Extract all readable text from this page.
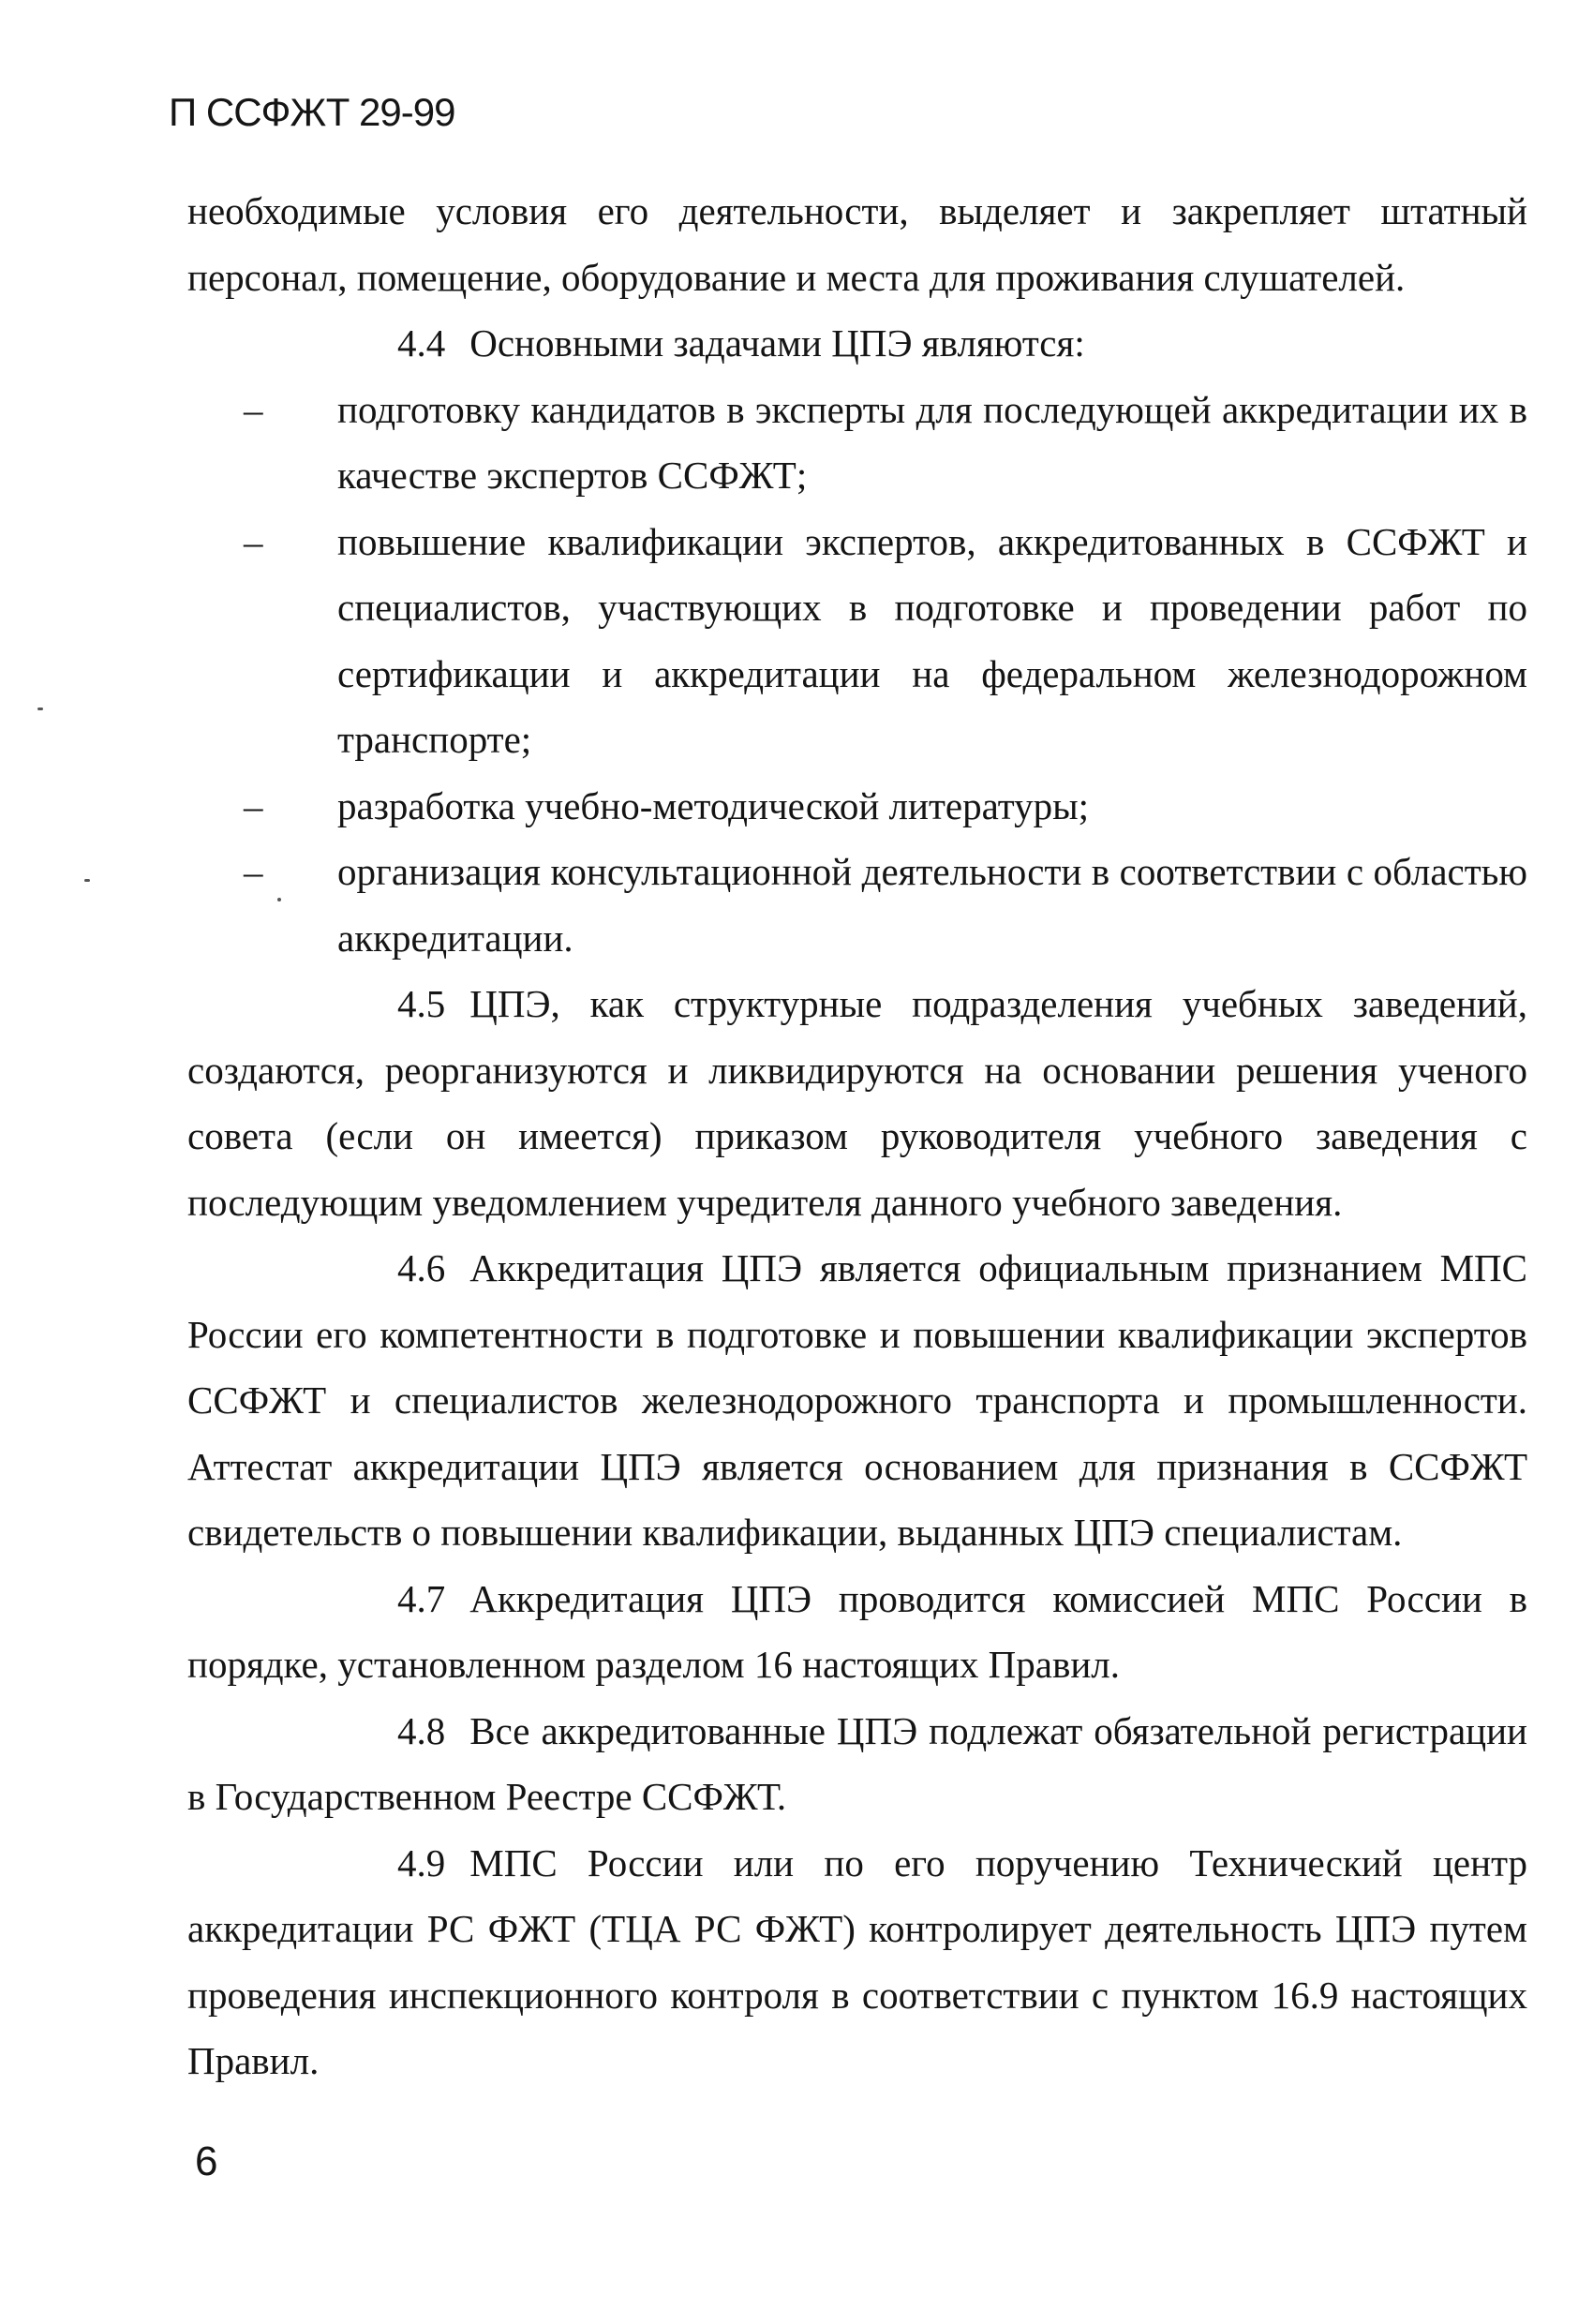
П ССФЖТ 29-99

необходимые условия его деятельности, выделяет и закрепляет штатный персонал, помещение, оборудование и места для проживания слушателей.

4.4 Основными задачами ЦПЭ являются:

– подготовку кандидатов в эксперты для последующей аккредитации их в качестве экспертов ССФЖТ;
– повышение квалификации экспертов, аккредитованных в ССФЖТ и специалистов, участвующих в подготовке и проведении работ по сертификации и аккредитации на федеральном железнодорожном транспорте;
– разработка учебно-методической литературы;
– организация консультационной деятельности в соответствии с областью аккредитации.

4.5 ЦПЭ, как структурные подразделения учебных заведений, создаются, реорганизуются и ликвидируются на основании решения ученого совета (если он имеется) приказом руководителя учебного заведения с последующим уведомлением учредителя данного учебного заведения.

4.6 Аккредитация ЦПЭ является официальным признанием МПС России его компетентности в подготовке и повышении квалификации экспертов ССФЖТ и специалистов железнодорожного транспорта и промышленности. Аттестат аккредитации ЦПЭ является основанием для признания в ССФЖТ свидетельств о повышении квалификации, выданных ЦПЭ специалистам.

4.7 Аккредитация ЦПЭ проводится комиссией МПС России в порядке, установленном разделом 16 настоящих Правил.

4.8 Все аккредитованные ЦПЭ подлежат обязательной регистрации в Государственном Реестре ССФЖТ.

4.9 МПС России или по его поручению Технический центр аккредитации РС ФЖТ (ТЦА РС ФЖТ) контролирует деятельность ЦПЭ путем проведения инспекционного контроля в соответствии с пунктом 16.9 настоящих Правил.

6
